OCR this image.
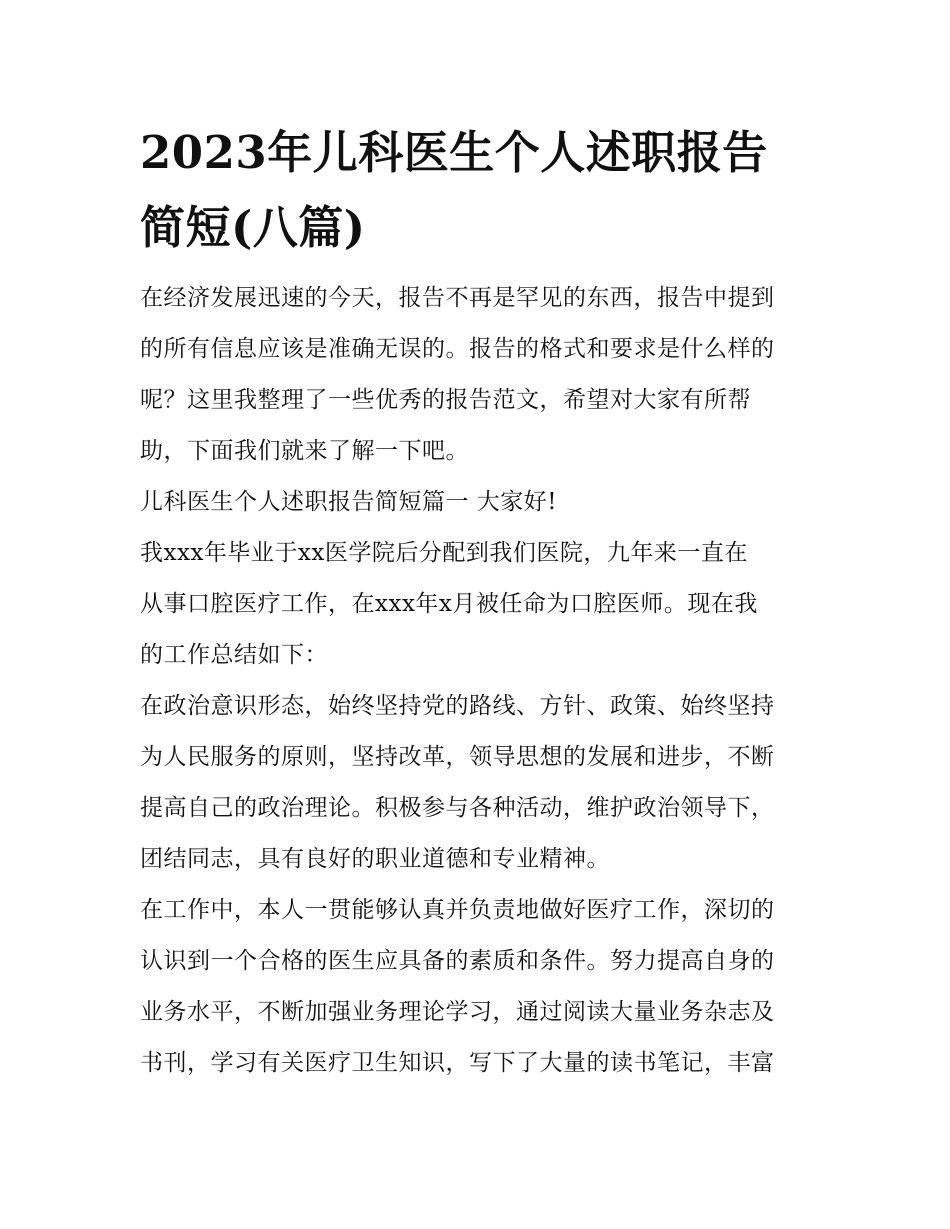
2023年儿科医生个人述职报告
简短(八篇)
在经济发展迅速的今天，报告不再是罕见的东西，报告中提到
的所有信息应该是准确无误的。报告的格式和要求是什么样的
呢？这里我整理了一些优秀的报告范文，希望对大家有所帮
助，下面我们就来了解一下吧。
儿科医生个人述职报告简短篇一 大家好!
我xxx年毕业于xx医学院后分配到我们医院，九年来一直在
从事口腔医疗工作，在xxx年x月被任命为口腔医师。现在我
的工作总结如下：
在政治意识形态，始终坚持党的路线、方针、政策、始终坚持
为人民服务的原则，坚持改革，领导思想的发展和进步，不断
提高自己的政治理论。积极参与各种活动，维护政治领导下，
团结同志，具有良好的职业道德和专业精神。
在工作中，本人一贯能够认真并负责地做好医疗工作，深切的
认识到一个合格的医生应具备的素质和条件。努力提高自身的
业务水平，不断加强业务理论学习，通过阅读大量业务杂志及
书刊，学习有关医疗卫生知识，写下了大量的读书笔记，丰富
